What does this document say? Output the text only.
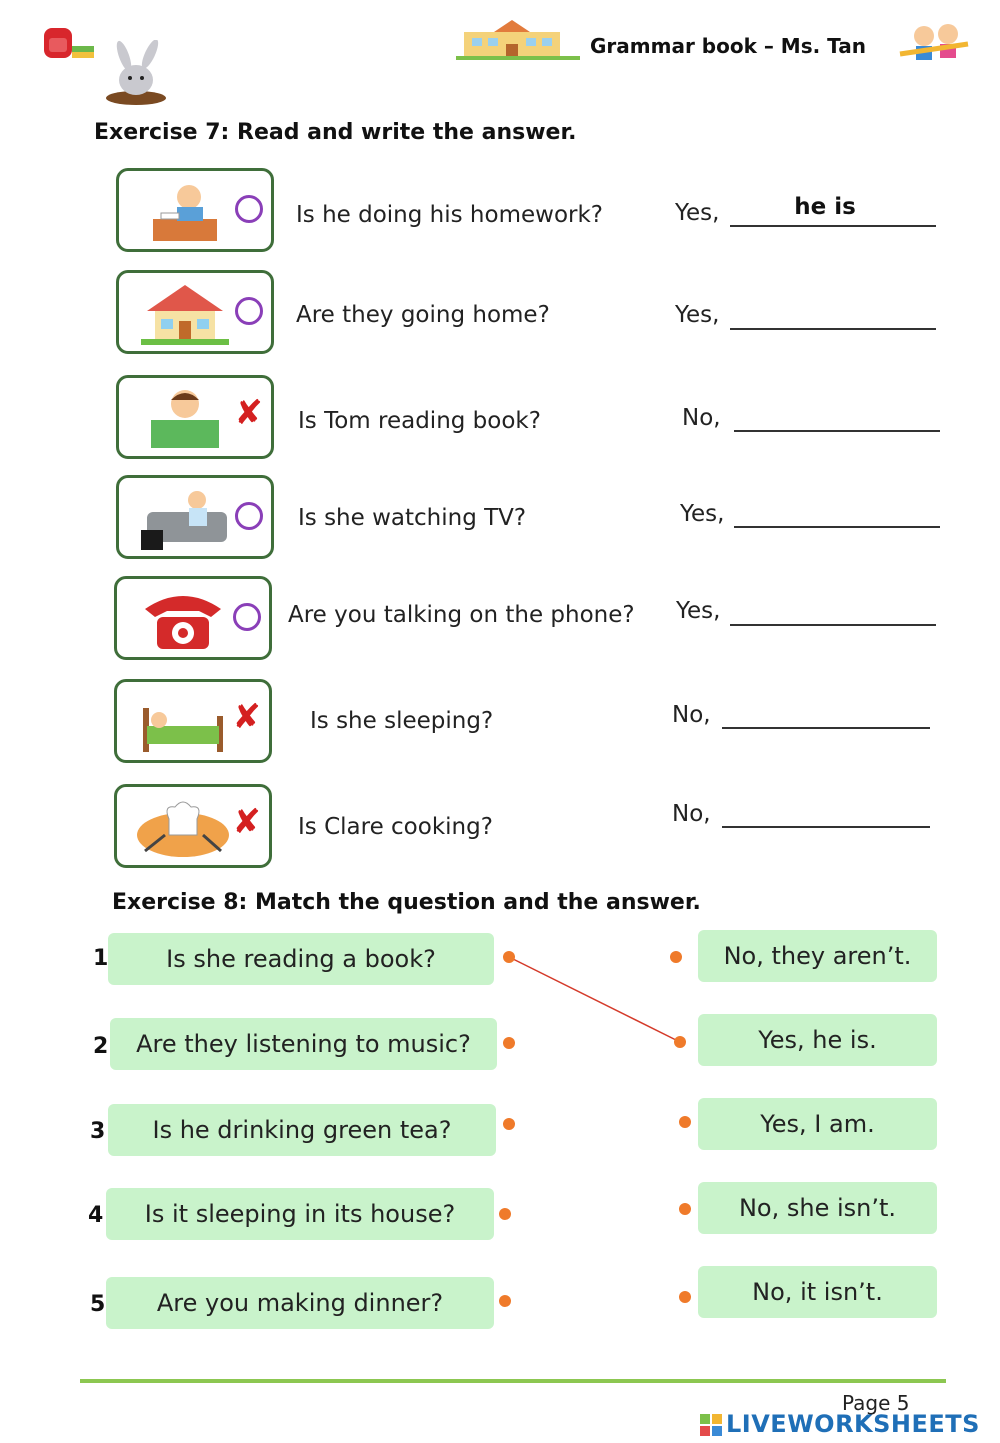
Grammar book – Ms. Tan
Exercise 7: Read and write the answer.
Is he doing his homework?	Yes,	he is
Are they going home?	Yes,
✘ Is Tom reading book?	No,
Is she watching TV?	Yes,
Are you talking on the phone? Yes,
✘ Is she sleeping?	No,
✘ Is Clare cooking?	No,
Exercise 8: Match the question and the answer.
1	Is she reading a book?
2	Are they listening to music?
3	Is he drinking green tea?
4	Is it sleeping in its house?
5	Are you making dinner?
No, they aren’t.
Yes, he is.
Yes, I am.
No, she isn’t.
No, it isn’t.
Page 5
LIVEWORKSHEETS
